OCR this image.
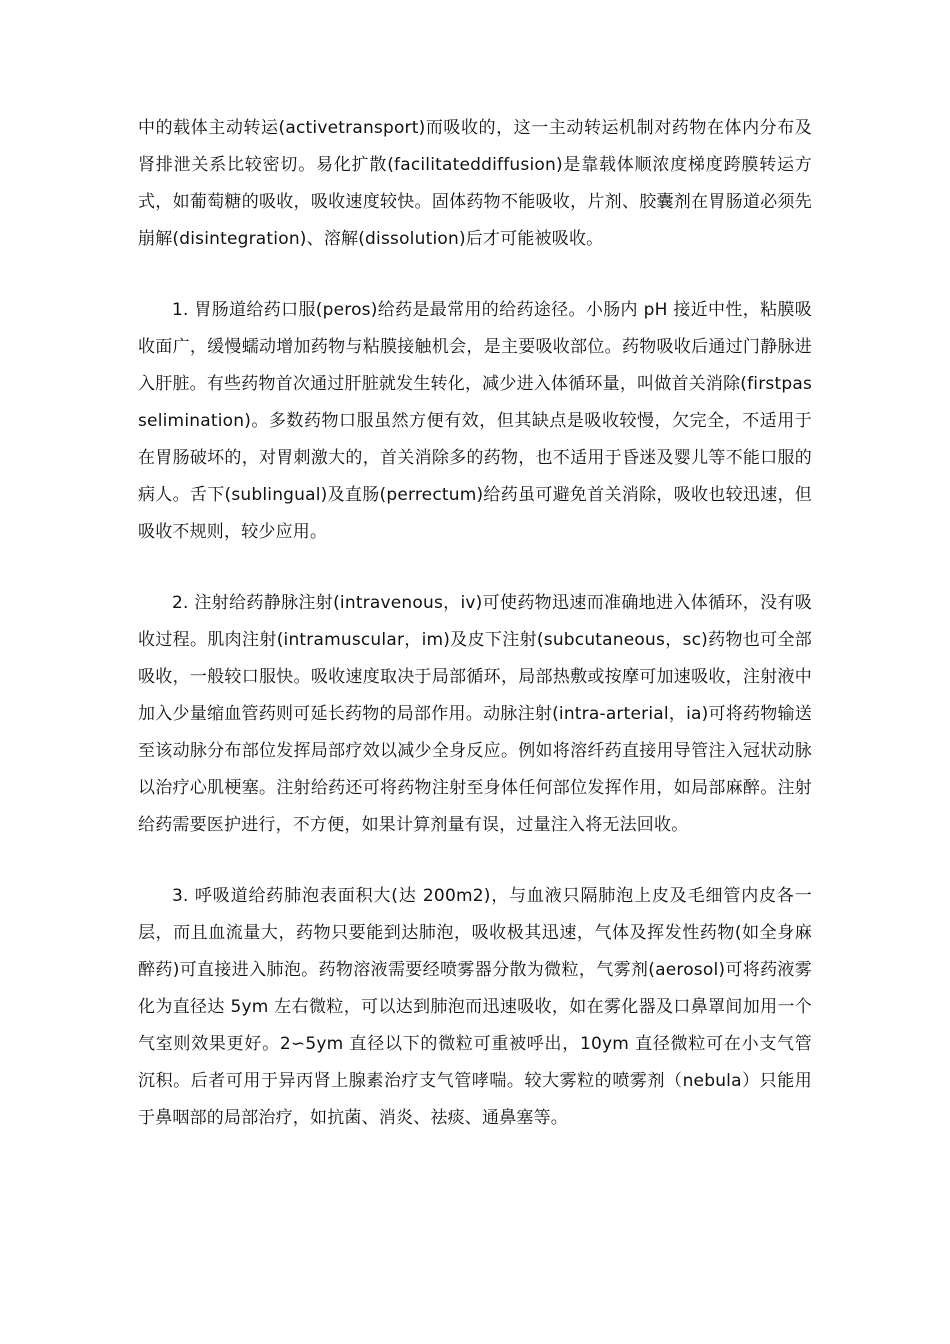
中的载体主动转运(activetransport)而吸收的，这一主动转运机制对药物在体内分布及肾排泄关系比较密切。易化扩散(facilitateddiffusion)是靠载体顺浓度梯度跨膜转运方式，如葡萄糖的吸收，吸收速度较快。固体药物不能吸收，片剂、胶囊剂在胃肠道必须先崩解(disintegration)、溶解(dissolution)后才可能被吸收。

1. 胃肠道给药口服(peros)给药是最常用的给药途径。小肠内 pH 接近中性，粘膜吸收面广，缓慢蠕动增加药物与粘膜接触机会，是主要吸收部位。药物吸收后通过门静脉进入肝脏。有些药物首次通过肝脏就发生转化，减少进入体循环量，叫做首关消除(firstpasselimination)。多数药物口服虽然方便有效，但其缺点是吸收较慢，欠完全，不适用于在胃肠破坏的，对胃刺激大的，首关消除多的药物，也不适用于昏迷及婴儿等不能口服的病人。舌下(sublingual)及直肠(perrectum)给药虽可避免首关消除，吸收也较迅速，但吸收不规则，较少应用。

2. 注射给药静脉注射(intravenous，iv)可使药物迅速而准确地进入体循环，没有吸收过程。肌肉注射(intramuscular，im)及皮下注射(subcutaneous，sc)药物也可全部吸收，一般较口服快。吸收速度取决于局部循环，局部热敷或按摩可加速吸收，注射液中加入少量缩血管药则可延长药物的局部作用。动脉注射(intra-arterial，ia)可将药物输送至该动脉分布部位发挥局部疗效以减少全身反应。例如将溶纤药直接用导管注入冠状动脉以治疗心肌梗塞。注射给药还可将药物注射至身体任何部位发挥作用，如局部麻醉。注射给药需要医护进行，不方便，如果计算剂量有误，过量注入将无法回收。

3. 呼吸道给药肺泡表面积大(达 200m2)，与血液只隔肺泡上皮及毛细管内皮各一层，而且血流量大，药物只要能到达肺泡，吸收极其迅速，气体及挥发性药物(如全身麻醉药)可直接进入肺泡。药物溶液需要经喷雾器分散为微粒，气雾剂(aerosol)可将药液雾化为直径达 5ym 左右微粒，可以达到肺泡而迅速吸收，如在雾化器及口鼻罩间加用一个气室则效果更好。2∽5ym 直径以下的微粒可重被呼出，10ym 直径微粒可在小支气管沉积。后者可用于异丙肾上腺素治疗支气管哮喘。较大雾粒的喷雾剂（nebula）只能用于鼻咽部的局部治疗，如抗菌、消炎、祛痰、通鼻塞等。
